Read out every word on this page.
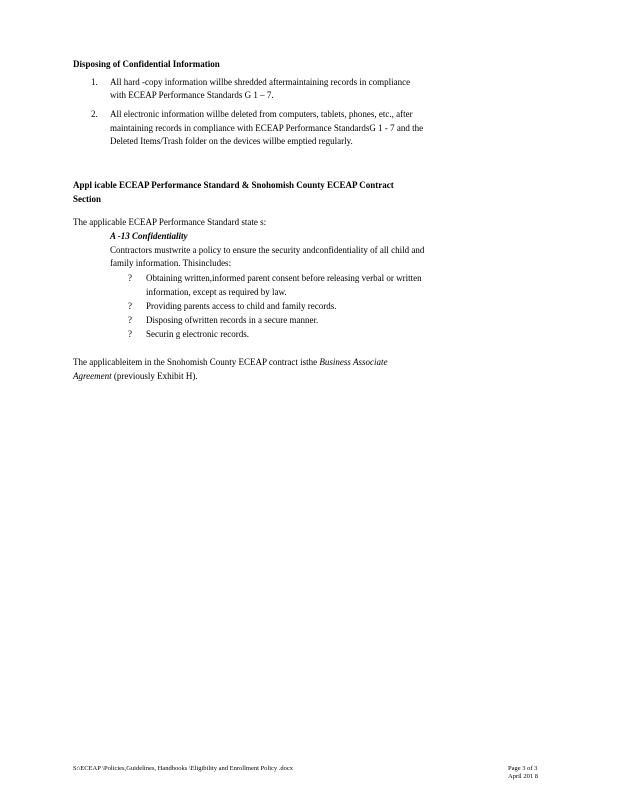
Disposing of Confidential Information
1. All hard -copy information willbe shredded aftermaintaining records in compliance
with ECEAP Performance Standards G 1 – 7.
2. All electronic information willbe deleted from computers, tablets, phones, etc., after
maintaining records in compliance with ECEAP Performance StandardsG 1 - 7 and the
Deleted Items/Trash folder on the devices willbe emptied regularly.
Appl icable ECEAP Performance Standard & Snohomish County ECEAP Contract
Section
The applicable ECEAP Performance Standard state s:
A -13 Confidentiality
Contractors mustwrite a policy to ensure the security andconfidentiality of all child and
family information. Thisincludes:
? Obtaining written,informed parent consent before releasing verbal or written
information, except as required by law.
? Providing parents access to child and family records.
? Disposing ofwritten records in a secure manner.
? Securin g electronic records.
The applicableitem in the Snohomish County ECEAP contract isthe Business Associate
Agreement (previously Exhibit H).
S:\ECEAP \Policies,Guidelines, Handbooks \Eligibility and Enrollment Policy .docx	Page 3 of 3
April 201 8
